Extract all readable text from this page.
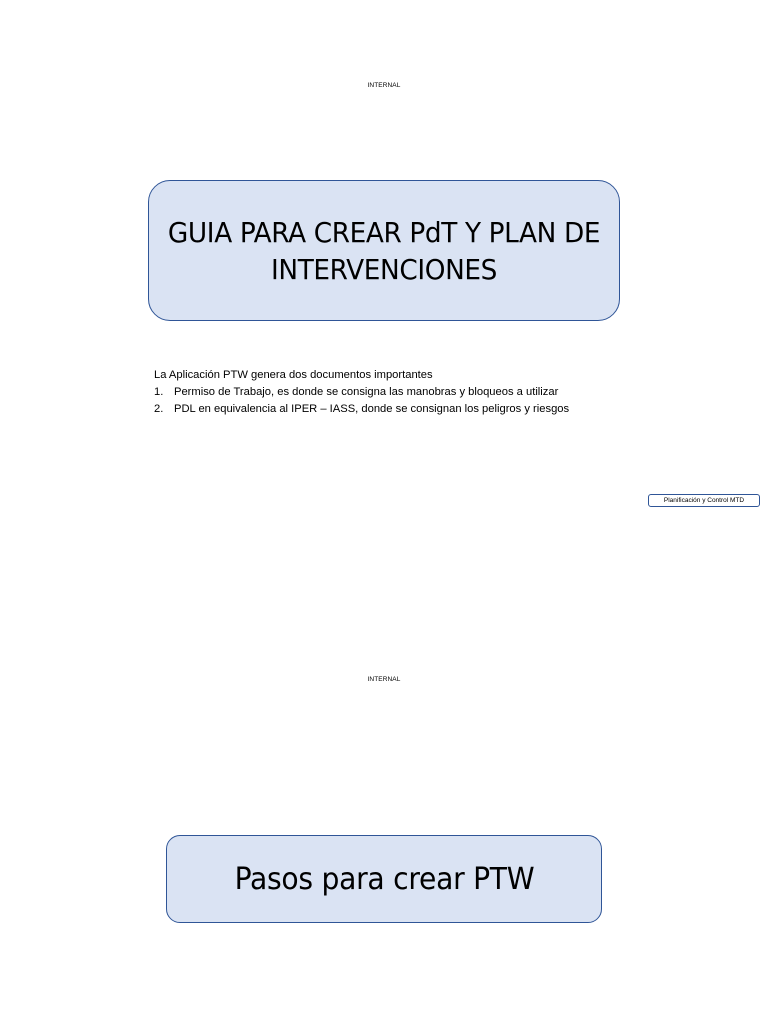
INTERNAL
GUIA PARA CREAR PdT Y PLAN DE INTERVENCIONES
La Aplicación PTW genera dos documentos importantes
1. Permiso de Trabajo, es donde se consigna las manobras y bloqueos a utilizar
2. PDL en equivalencia al IPER – IASS, donde se consignan los peligros y riesgos
Planificación y Control MTD
INTERNAL
Pasos para crear PTW
